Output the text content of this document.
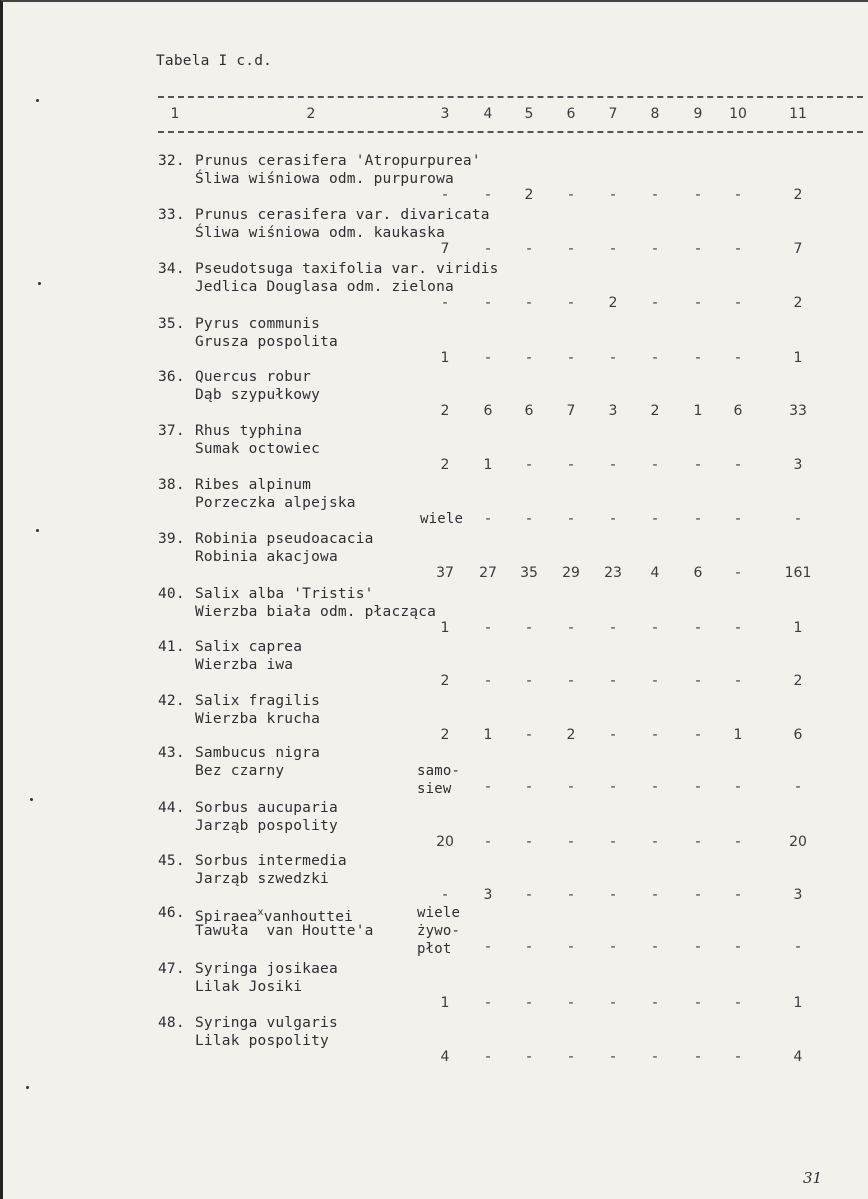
Tabela I c.d.
1	2	3	4	5	6	7	8	9	10	11
32. Prunus cerasifera 'Atropurpurea'
Śliwa wiśniowa odm. purpurowa
-	-	2	-	-	-	-	-	2
33. Prunus cerasifera var. divaricata
Śliwa wiśniowa odm. kaukaska
7	-	-	-	-	-	-	-	7
34. Pseudotsuga taxifolia var. viridis
Jedlica Douglasa odm. zielona
-	-	-	-	2	-	-	-	2
35. Pyrus communis
Grusza pospolita
1	-	-	-	-	-	-	-	1
36. Quercus robur
Dąb szypułkowy
2	6	6	7	3	2	1	6	33
37. Rhus typhina
Sumak octowiec
2	1	-	-	-	-	-	-	3
38. Ribes alpinum
Porzeczka alpejska
wiele	-	-	-	-	-	-	-	-
39. Robinia pseudoacacia
Robinia akacjowa
37	27	35	29	23	4	6	-	161
40. Salix alba 'Tristis'
Wierzba biała odm. płacząca
1	-	-	-	-	-	-	-	1
41. Salix caprea
Wierzba iwa
2	-	-	-	-	-	-	-	2
42. Salix fragilis
Wierzba krucha
2	1	-	2	-	-	-	1	6
43. Sambucus nigra
Bez czarny	samo-
siew	-	-	-	-	-	-	-	-
44. Sorbus aucuparia
Jarząb pospolity
20	-	-	-	-	-	-	-	20
45. Sorbus intermedia
Jarząb szwedzki
-	3	-	-	-	-	-	-	3
46. Spiraea$^x$vanhouttei
Tawuła  van Houtte'a
wiele
żywo-
płot	-	-	-	-	-	-	-	-
47. Syringa josikaea
Lilak Josiki
1	-	-	-	-	-	-	-	1
48. Syringa vulgaris
Lilak pospolity
4	-	-	-	-	-	-	-	4
31
